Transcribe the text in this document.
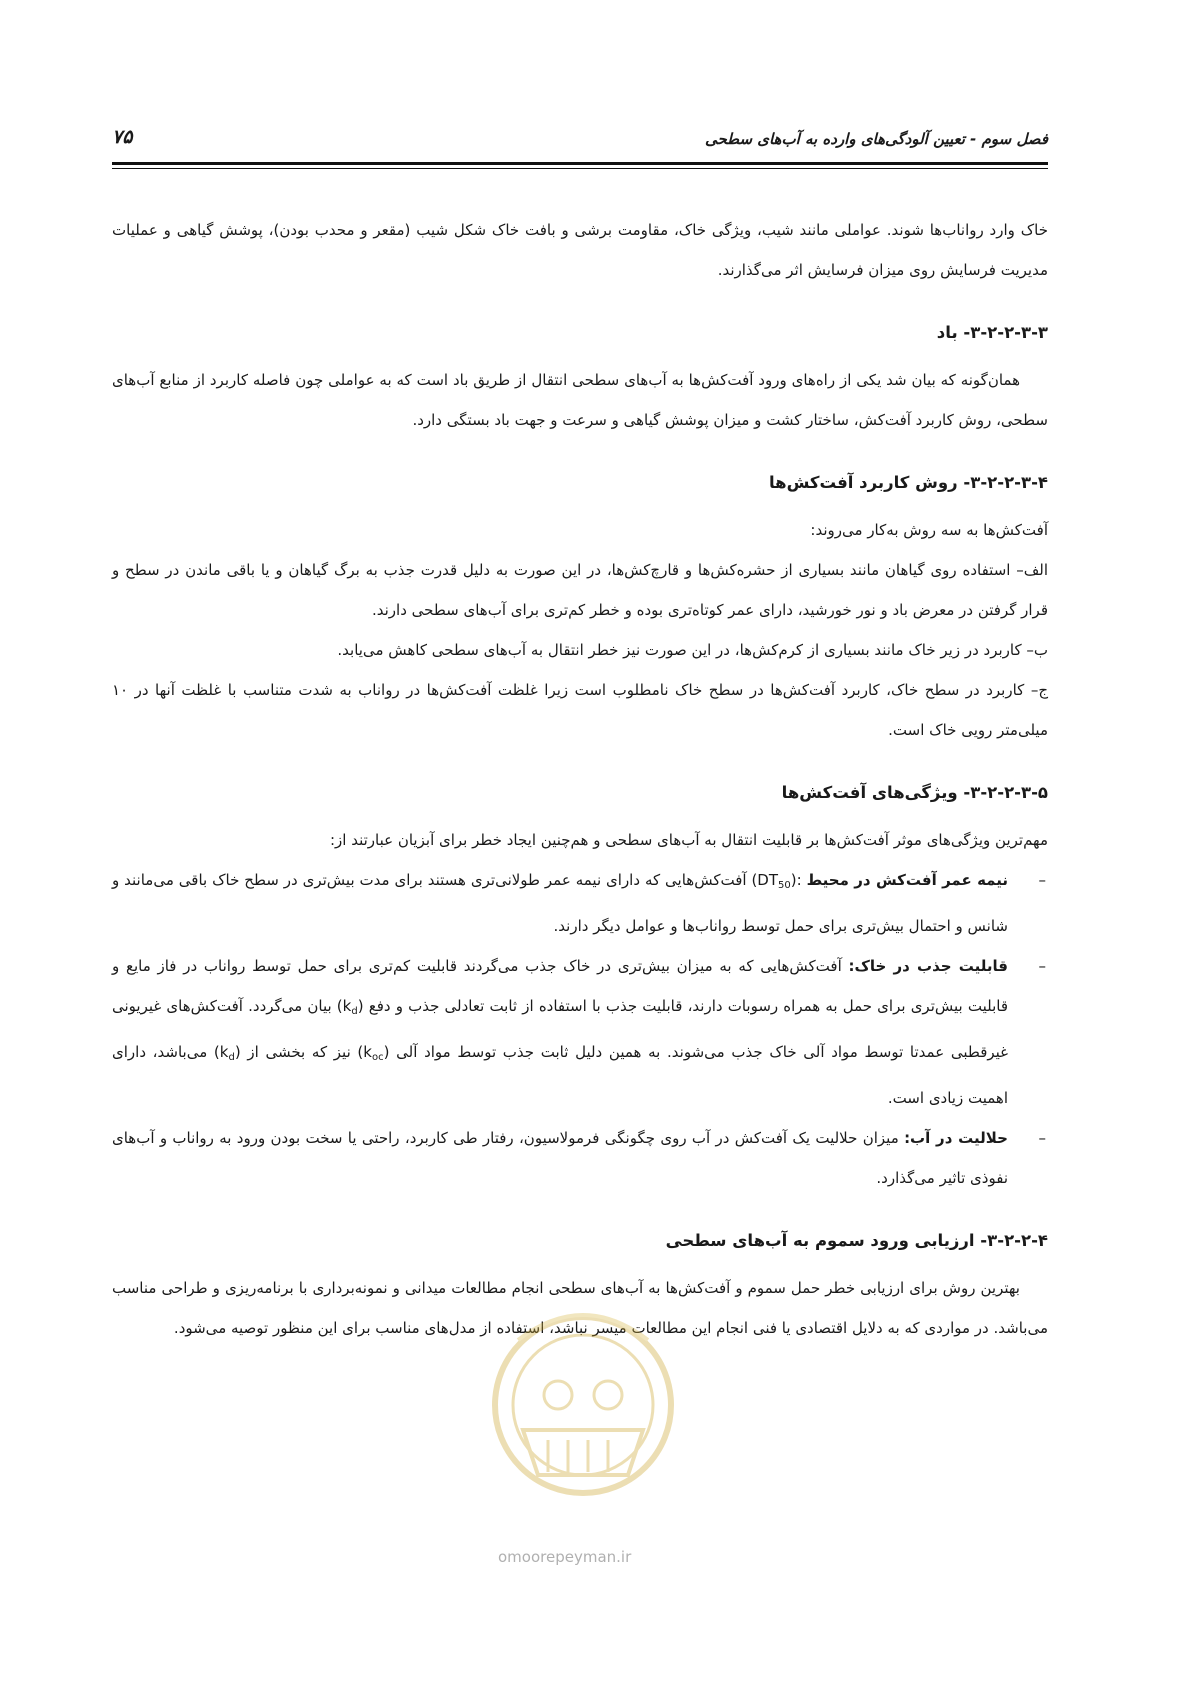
فصل سوم - تعیین آلودگی‌های وارده به آب‌های سطحی
۷۵

خاک وارد رواناب‌ها شوند. عواملی مانند شیب، ویژگی خاک، مقاومت برشی و بافت خاک شکل شیب (مقعر و محدب بودن)، پوشش گیاهی و عملیات مدیریت فرسایش روی میزان فرسایش اثر می‌گذارند.

۳-۲-۲-۳-۳- باد

همان‌گونه که بیان شد یکی از راه‌های ورود آفت‌کش‌ها به آب‌های سطحی انتقال از طریق باد است که به عواملی چون فاصله کاربرد از منابع آب‌های سطحی، روش کاربرد آفت‌کش، ساختار کشت و میزان پوشش گیاهی و سرعت و جهت باد بستگی دارد.

۳-۲-۲-۳-۴- روش کاربرد آفت‌کش‌ها

آفت‌کش‌ها به سه روش به‌کار می‌روند:

الف– استفاده روی گیاهان مانند بسیاری از حشره‌کش‌ها و قارچ‌کش‌ها، در این صورت به دلیل قدرت جذب به برگ گیاهان و یا باقی ماندن در سطح و قرار گرفتن در معرض باد و نور خورشید، دارای عمر کوتاه‌تری بوده و خطر کم‌تری برای آب‌های سطحی دارند.

ب– کاربرد در زیر خاک مانند بسیاری از کرم‌کش‌ها، در این صورت نیز خطر انتقال به آب‌های سطحی کاهش می‌یابد.

ج– کاربرد در سطح خاک، کاربرد آفت‌کش‌ها در سطح خاک نامطلوب است زیرا غلظت آفت‌کش‌ها در رواناب به شدت متناسب با غلظت آنها در ۱۰ میلی‌متر رویی خاک است.

۳-۲-۲-۳-۵- ویژگی‌های آفت‌کش‌ها

مهم‌ترین ویژگی‌های موثر آفت‌کش‌ها بر قابلیت انتقال به آب‌های سطحی و هم‌چنین ایجاد خطر برای آبزیان عبارتند از:

–
نیمه عمر آفت‌کش در محیط $(DT_{50})$: آفت‌کش‌هایی که دارای نیمه عمر طولانی‌تری هستند برای مدت بیش‌تری در سطح خاک باقی می‌مانند و شانس و احتمال بیش‌تری برای حمل توسط رواناب‌ها و عوامل دیگر دارند.
–
قابلیت جذب در خاک: آفت‌کش‌هایی که به میزان بیش‌تری در خاک جذب می‌گردند قابلیت کم‌تری برای حمل توسط رواناب در فاز مایع و قابلیت بیش‌تری برای حمل به همراه رسوبات دارند، قابلیت جذب با استفاده از ثابت تعادلی جذب و دفع $(k_d)$ بیان می‌گردد. آفت‌کش‌های غیریونی غیرقطبی عمدتا توسط مواد آلی خاک جذب می‌شوند. به همین دلیل ثابت جذب توسط مواد آلی $(k_{oc})$ نیز که بخشی از $(k_d)$ می‌باشد، دارای اهمیت زیادی است.
–
حلالیت در آب: میزان حلالیت یک آفت‌کش در آب روی چگونگی فرمولاسیون، رفتار طی کاربرد، راحتی یا سخت بودن ورود به رواناب و آب‌های نفوذی تاثیر می‌گذارد.
۳-۲-۲-۴- ارزیابی ورود سموم به آب‌های سطحی

بهترین روش برای ارزیابی خطر حمل سموم و آفت‌کش‌ها به آب‌های سطحی انجام مطالعات میدانی و نمونه‌برداری با برنامه‌ریزی و طراحی مناسب می‌باشد. در مواردی که به دلایل اقتصادی یا فنی انجام این مطالعات میسر نباشد، استفاده از مدل‌های مناسب برای این منظور توصیه می‌شود.

omoorepeyman.ir
